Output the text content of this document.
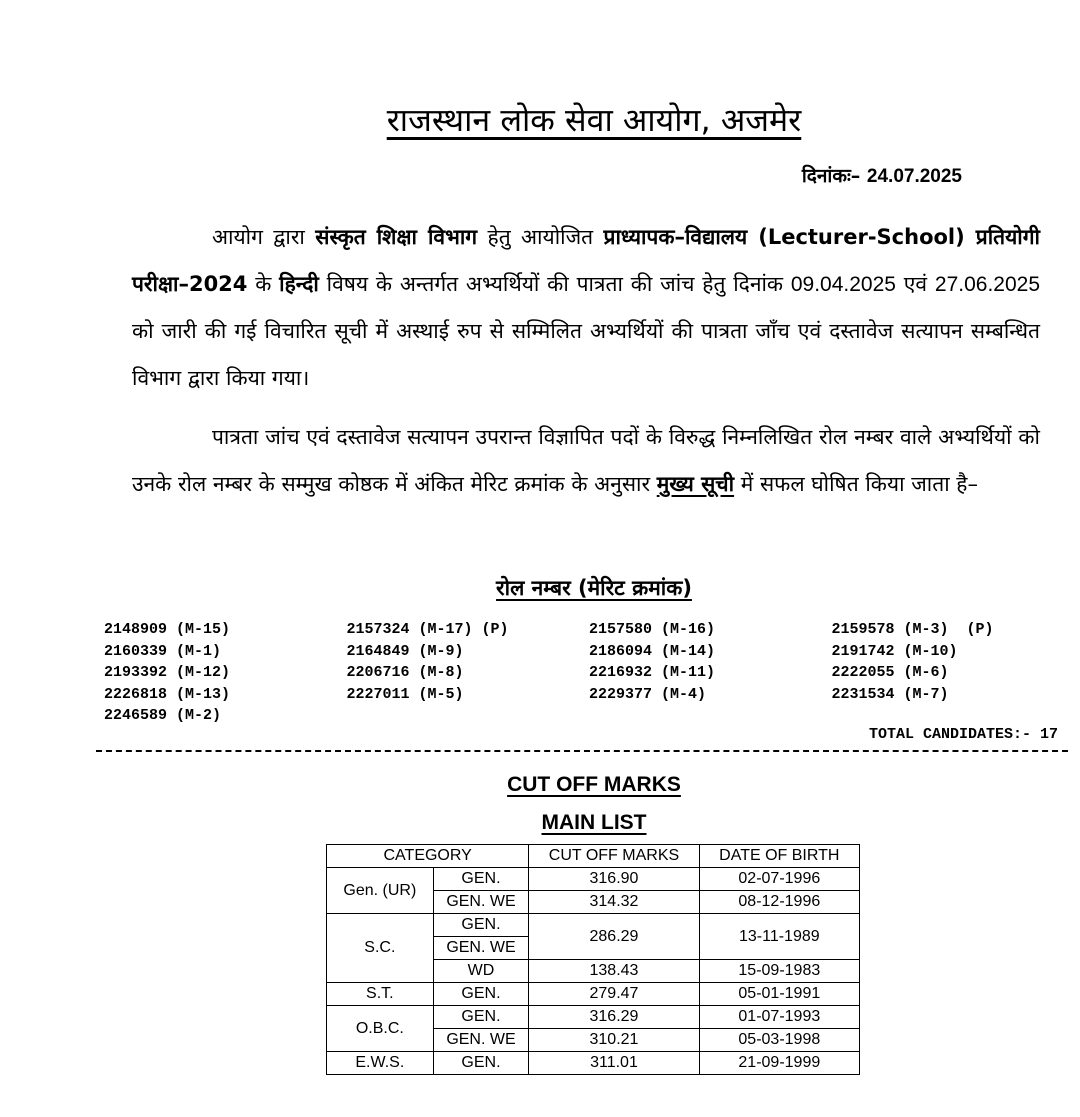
राजस्थान लोक सेवा आयोग, अजमेर
दिनांकः– 24.07.2025
आयोग द्वारा संस्कृत शिक्षा विभाग हेतु आयोजित प्राध्यापक–विद्यालय (Lecturer-School) प्रतियोगी परीक्षा–2024 के हिन्दी विषय के अन्तर्गत अभ्यर्थियों की पात्रता की जांच हेतु दिनांक 09.04.2025 एवं 27.06.2025 को जारी की गई विचारित सूची में अस्थाई रुप से सम्मिलित अभ्यर्थियों की पात्रता जाँच एवं दस्तावेज सत्यापन सम्बन्धित विभाग द्वारा किया गया।
पात्रता जांच एवं दस्तावेज सत्यापन उपरान्त विज्ञापित पदों के विरुद्ध निम्नलिखित रोल नम्बर वाले अभ्यर्थियों को उनके रोल नम्बर के सम्मुख कोष्ठक में अंकित मेरिट क्रमांक के अनुसार मुख्य सूची में सफल घोषित किया जाता है–
रोल नम्बर (मेरिट क्रमांक)
2148909 (M-15)	2157324 (M-17) (P)	2157580 (M-16)	2159578 (M-3)  (P)
2160339 (M-1)	2164849 (M-9)	2186094 (M-14)	2191742 (M-10)
2193392 (M-12)	2206716 (M-8)	2216932 (M-11)	2222055 (M-6)
2226818 (M-13)	2227011 (M-5)	2229377 (M-4)	2231534 (M-7)
2246589 (M-2)
TOTAL CANDIDATES:- 17
CUT OFF MARKS
MAIN LIST
CATEGORY		CUT OFF MARKS	DATE OF BIRTH
Gen. (UR)	GEN.	316.90	02-07-1996
	GEN. WE	314.32	08-12-1996
S.C.	GEN.	286.29	13-11-1989
	GEN. WE		
	WD	138.43	15-09-1983
S.T.	GEN.	279.47	05-01-1991
O.B.C.	GEN.	316.29	01-07-1993
	GEN. WE	310.21	05-03-1998
E.W.S.	GEN.	311.01	21-09-1999
